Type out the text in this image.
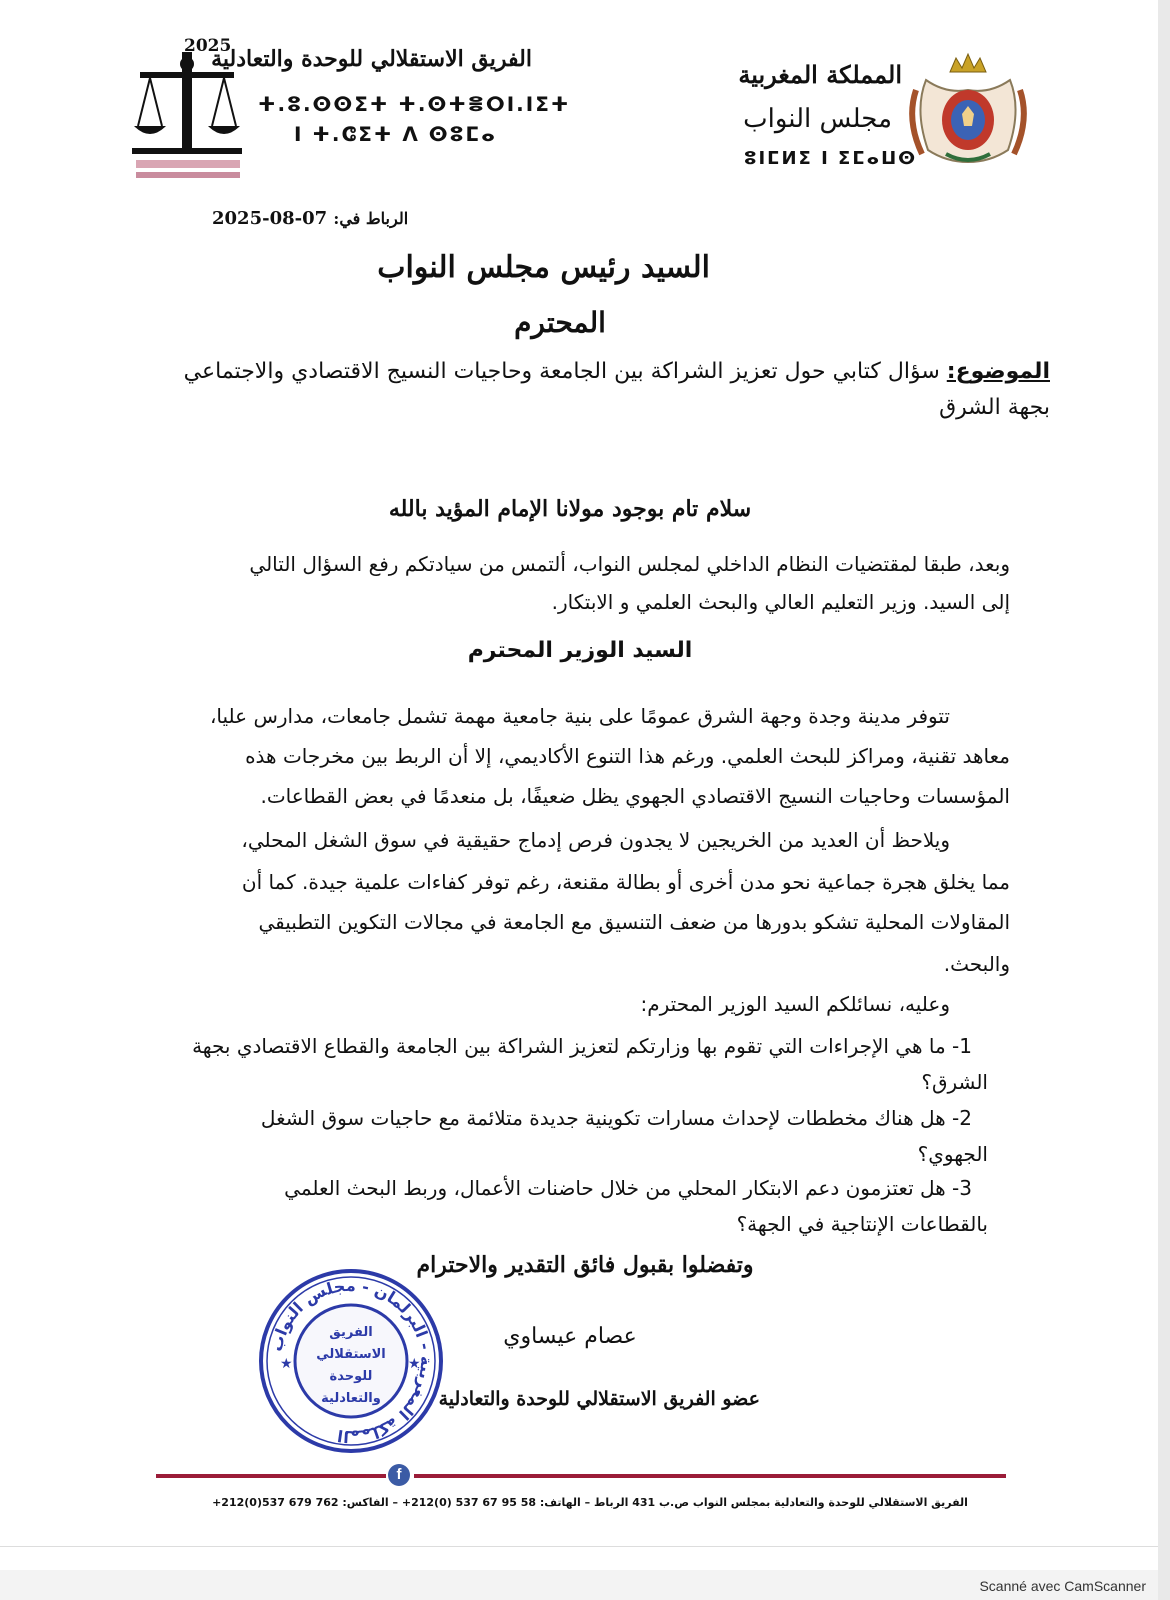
2025
الفريق الاستقلالي للوحدة والتعادلية
ⵜ.ⵓ.ⵙⵙⵉⵜ ⵜ.ⵙⵜⴻⵔⵏ.ⵏⵉⵜ
ⵏ ⵜ.ⵛⵉⵜ ⴷ ⵙⵓⵎⴰ
المملكة المغربية
مجلس النواب
ⵓⵏⵎⵍⵉ ⵏ ⵉⵎⴰⵡⵙ
2025-08-07 الرباط في:
السيد رئيس مجلس النواب
المحترم
الموضوع: سؤال كتابي حول تعزيز الشراكة بين الجامعة وحاجيات النسيج الاقتصادي والاجتماعي
بجهة الشرق
سلام تام بوجود مولانا الإمام المؤيد بالله
وبعد، طبقا لمقتضيات النظام الداخلي لمجلس النواب، ألتمس من سيادتكم رفع السؤال التالي
إلى السيد. وزير التعليم العالي والبحث العلمي و الابتكار.
السيد الوزير المحترم
تتوفر مدينة وجدة وجهة الشرق عمومًا على بنية جامعية مهمة تشمل جامعات، مدارس عليا،
معاهد تقنية، ومراكز للبحث العلمي. ورغم هذا التنوع الأكاديمي، إلا أن الربط بين مخرجات هذه
المؤسسات وحاجيات النسيج الاقتصادي الجهوي يظل ضعيفًا، بل منعدمًا في بعض القطاعات.
ويلاحظ أن العديد من الخريجين لا يجدون فرص إدماج حقيقية في سوق الشغل المحلي،
مما يخلق هجرة جماعية نحو مدن أخرى أو بطالة مقنعة، رغم توفر كفاءات علمية جيدة. كما أن
المقاولات المحلية تشكو بدورها من ضعف التنسيق مع الجامعة في مجالات التكوين التطبيقي
والبحث.
وعليه، نسائلكم السيد الوزير المحترم:
1- ما هي الإجراءات التي تقوم بها وزارتكم لتعزيز الشراكة بين الجامعة والقطاع الاقتصادي بجهة
الشرق؟
2- هل هناك مخططات لإحداث مسارات تكوينية جديدة متلائمة مع حاجيات سوق الشغل
الجهوي؟
3- هل تعتزمون دعم الابتكار المحلي من خلال حاضنات الأعمال، وربط البحث العلمي
بالقطاعات الإنتاجية في الجهة؟
وتفضلوا بقبول فائق التقدير والاحترام
عصام عيساوي
عضو الفريق الاستقلالي للوحدة والتعادلية
المملكة المغربية - البرلمان - مجلس النواب
الفريق
الاستقلالي
للوحدة
والتعادلية
★	★
f
الفريق الاستقلالي للوحدة والتعادلية بمجلس النواب ص.ب 431 الرباط – الهاتف: 58 95 67 537 (0)212+ – الفاكس: 762 679 537(0)212+
Scanné avec CamScanner
